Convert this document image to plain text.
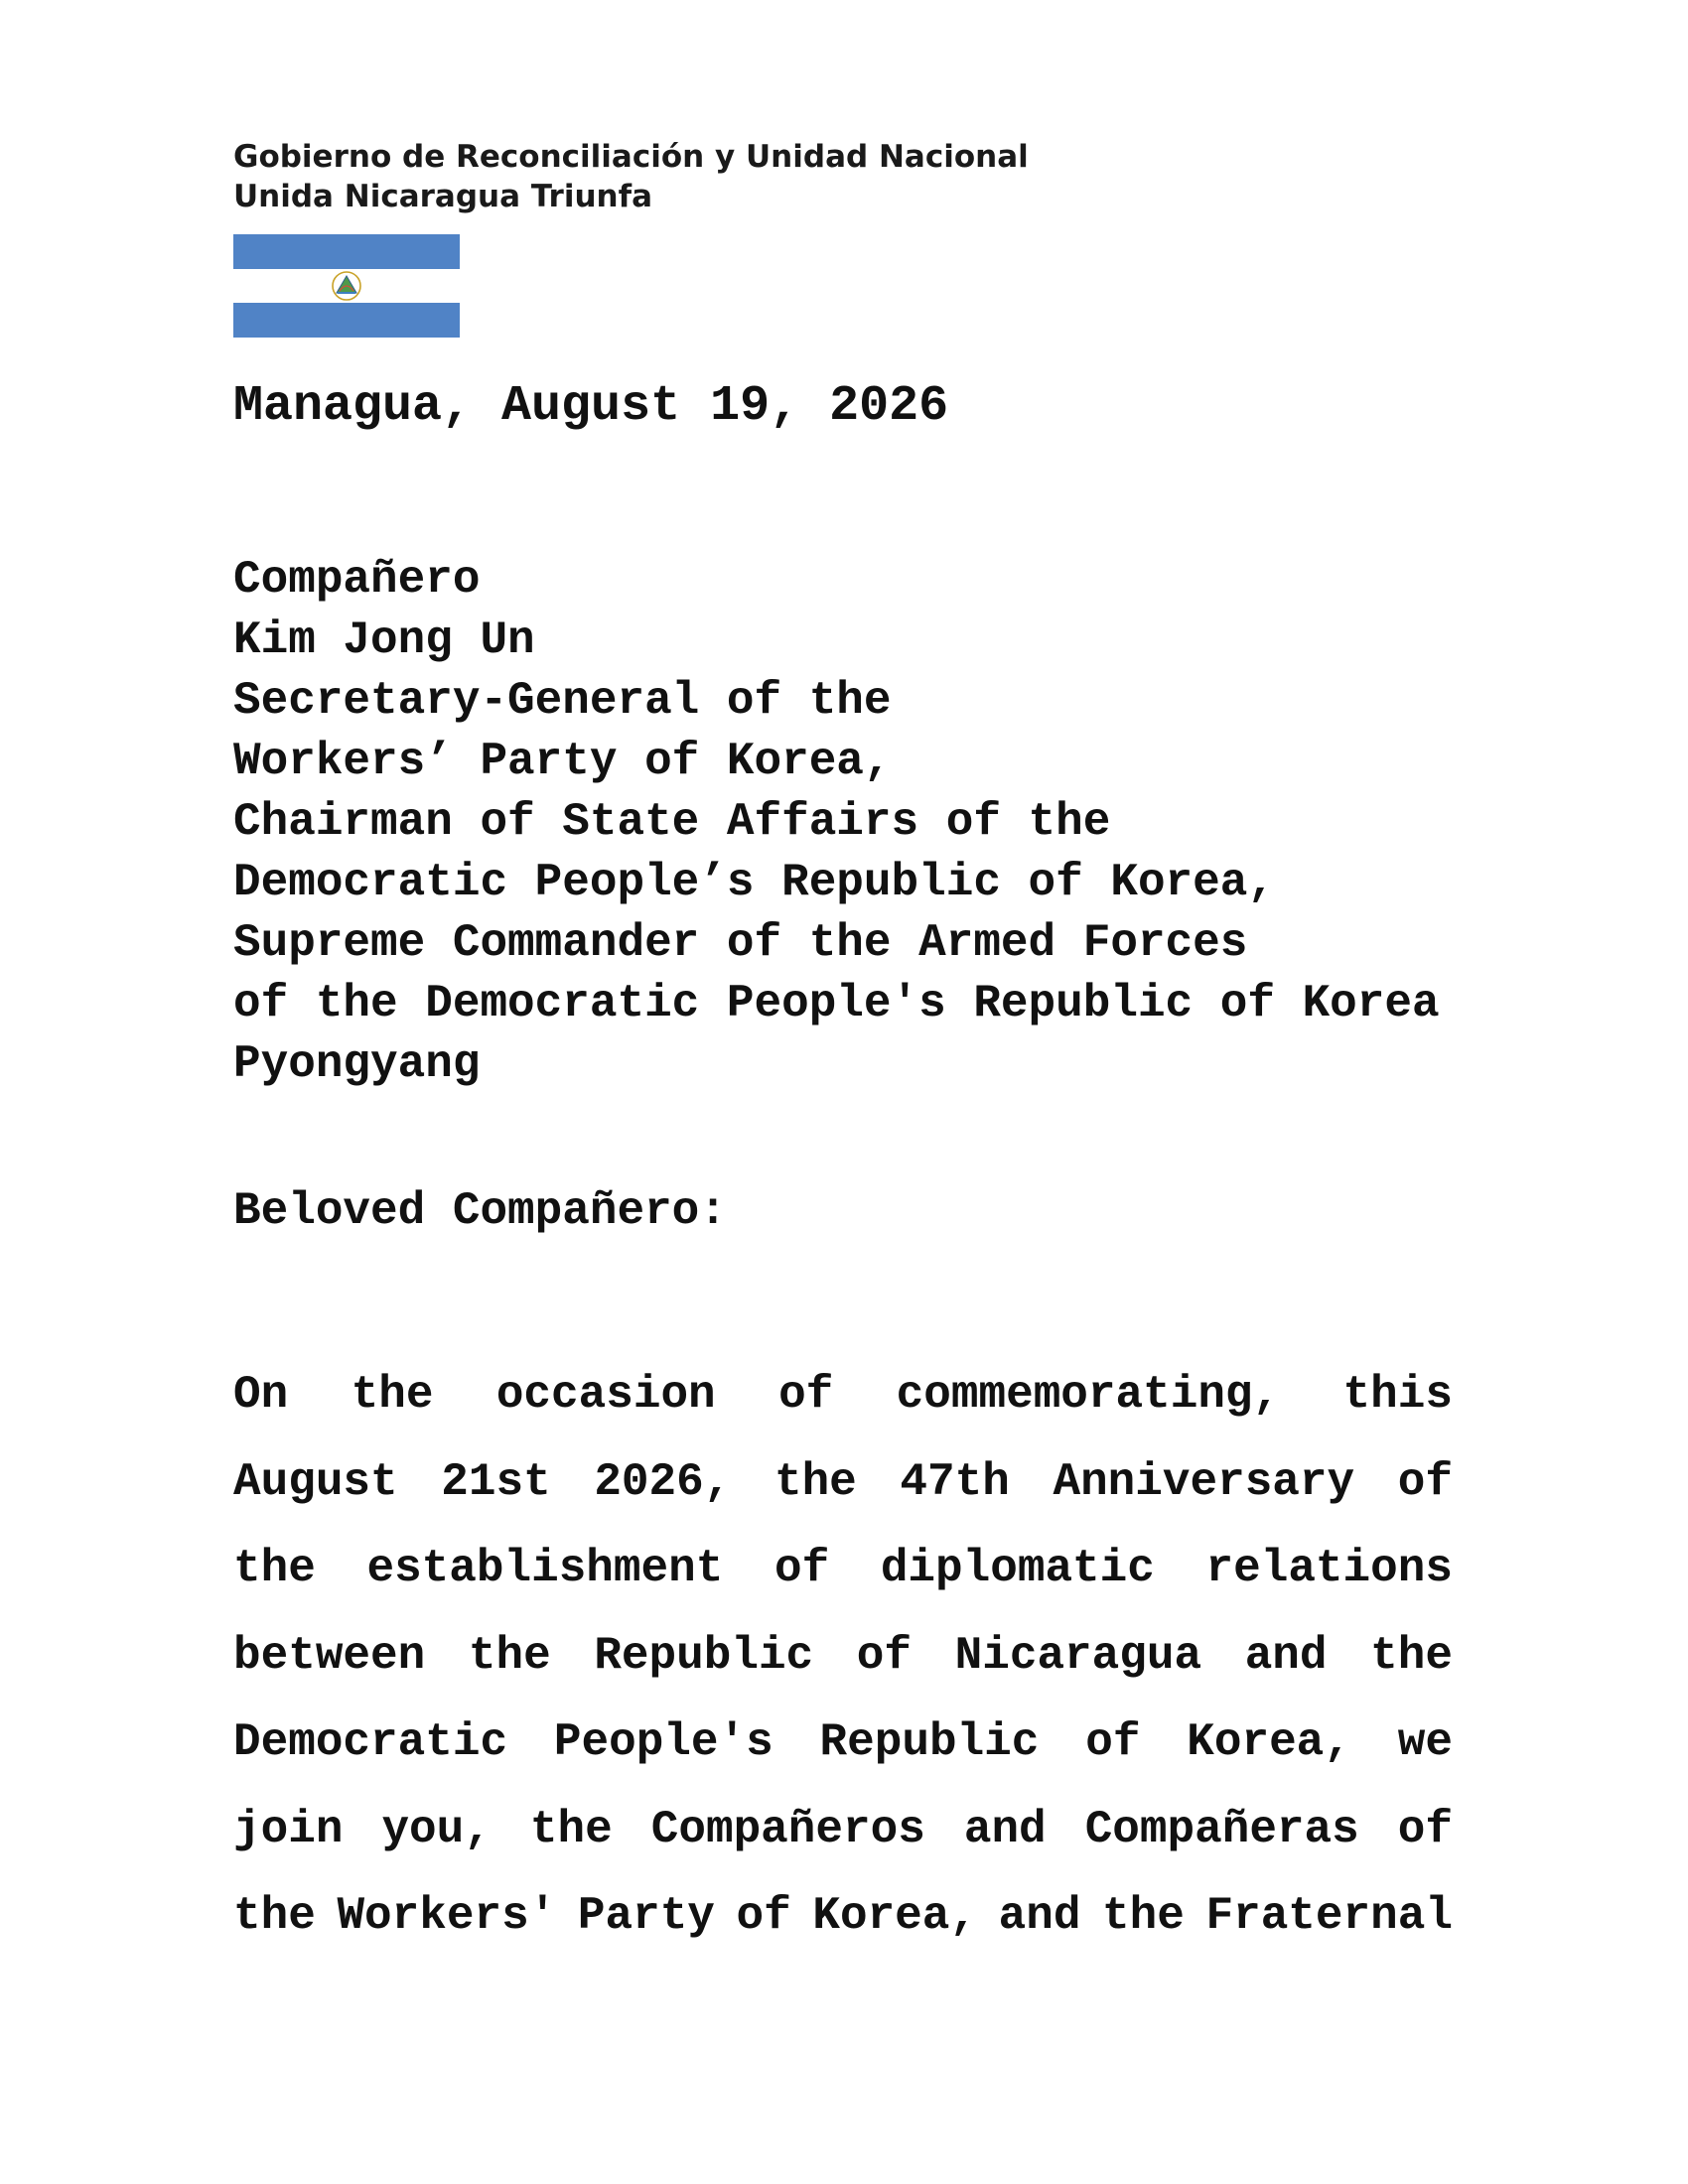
Gobierno de Reconciliación y Unidad Nacional
Unida Nicaragua Triunfa
Managua, August 19, 2026
Compañero
Kim Jong Un
Secretary-General of the
Workers’ Party of Korea,
Chairman of State Affairs of the
Democratic People’s Republic of Korea,
Supreme Commander of the Armed Forces
of the Democratic People's Republic of Korea
Pyongyang
Beloved Compañero:
On the occasion of commemorating, this
August 21st 2026, the 47th Anniversary of
the establishment of diplomatic relations
between the Republic of Nicaragua and the
Democratic People's Republic of Korea, we
join you, the Compañeros and Compañeras of
the Workers' Party of Korea, and the Fraternal
